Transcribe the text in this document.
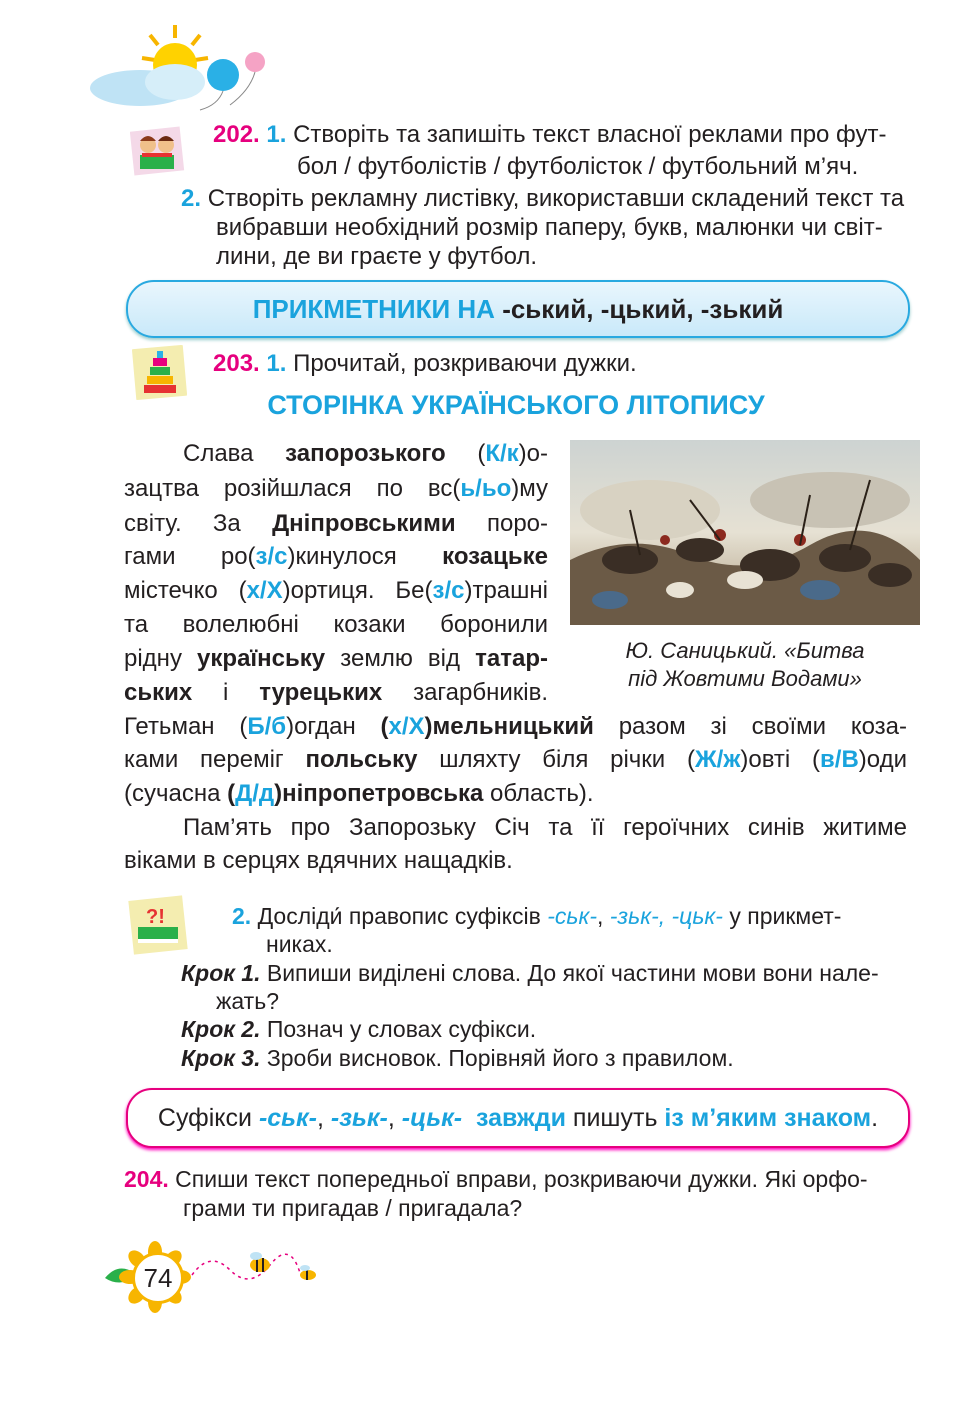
202. 1. Створіть та запишіть текст власної реклами про фут-
бол / футболістів / футболісток / футбольний м’яч.
2. Створіть рекламну листівку, використавши складений текст та
вибравши необхідний розмір паперу, букв, малюнки чи світ-
лини, де ви граєте у футбол.
ПРИКМЕТНИКИ НА -ський, -цький, -зький
203. 1. Прочитай, розкриваючи дужки.
СТОРІНКА УКРАЇНСЬКОГО ЛІТОПИСУ
Ю. Саницький. «Битва
під Жовтими Водами»
Слава запорозького (К/к)о-
зацтва розійшлася по вс(ь/ьо)му
світу. За Дніпровськими поро-
гами ро(з/с)кинулося козацьке
містечко (х/Х)ортиця. Бе(з/с)трашні
та волелюбні козаки боронили
рідну українську землю від татар-
ських і турецьких загарбників.
Гетьман (Б/б)огдан (х/Х)мельницький разом зі своїми коза-
ками переміг польську шляхту біля річки (Ж/ж)овті (в/В)оди
(сучасна (Д/д)ніпропетровська область).
Пам’ять про Запорозьку Січ та її героїчних синів житиме
віками в серцях вдячних нащадків.
?!	2. Досліди́ правопис суфіксів -ськ-, -зьк-, -цьк- у прикмет-
никах.
Крок 1. Випиши виділені слова. До якої частини мови вони нале-
жать?
Крок 2. Познач у словах суфікси.
Крок 3. Зроби висновок. Порівняй його з правилом.
Суфікси -ськ-, -зьк-, -цьк-  завжди пишуть із м’яким знаком.
204. Спиши текст попередньої вправи, розкриваючи дужки. Які орфо-
грами ти пригадав / пригадала?
74
